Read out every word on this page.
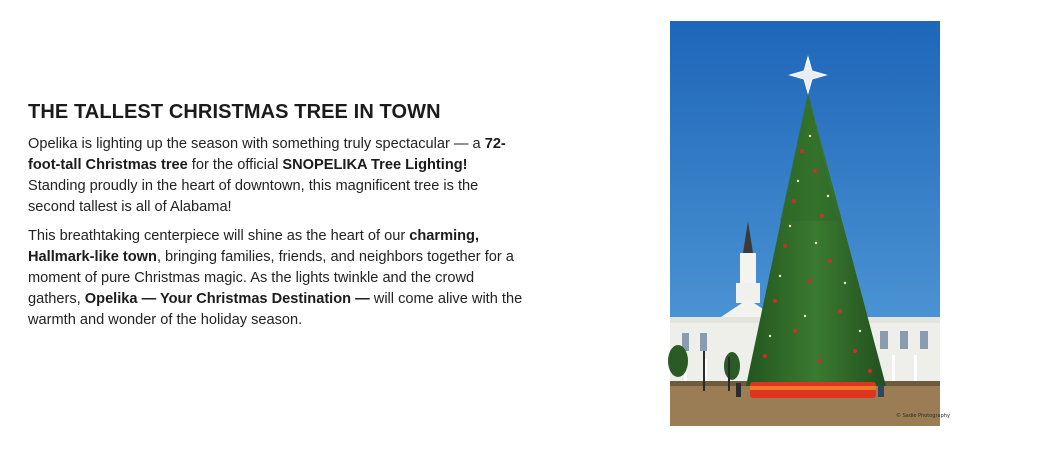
THE TALLEST CHRISTMAS TREE IN TOWN

Opelika is lighting up the season with something truly spectacular — a 72-foot-tall Christmas tree for the official SNOPELIKA Tree Lighting! Standing proudly in the heart of downtown, this magnificent tree is the second tallest is all of Alabama!

This breathtaking centerpiece will shine as the heart of our charming, Hallmark-like town, bringing families, friends, and neighbors together for a moment of pure Christmas magic. As the lights twinkle and the crowd gathers, Opelika — Your Christmas Destination — will come alive with the warmth and wonder of the holiday season.

© Sadie Photography
